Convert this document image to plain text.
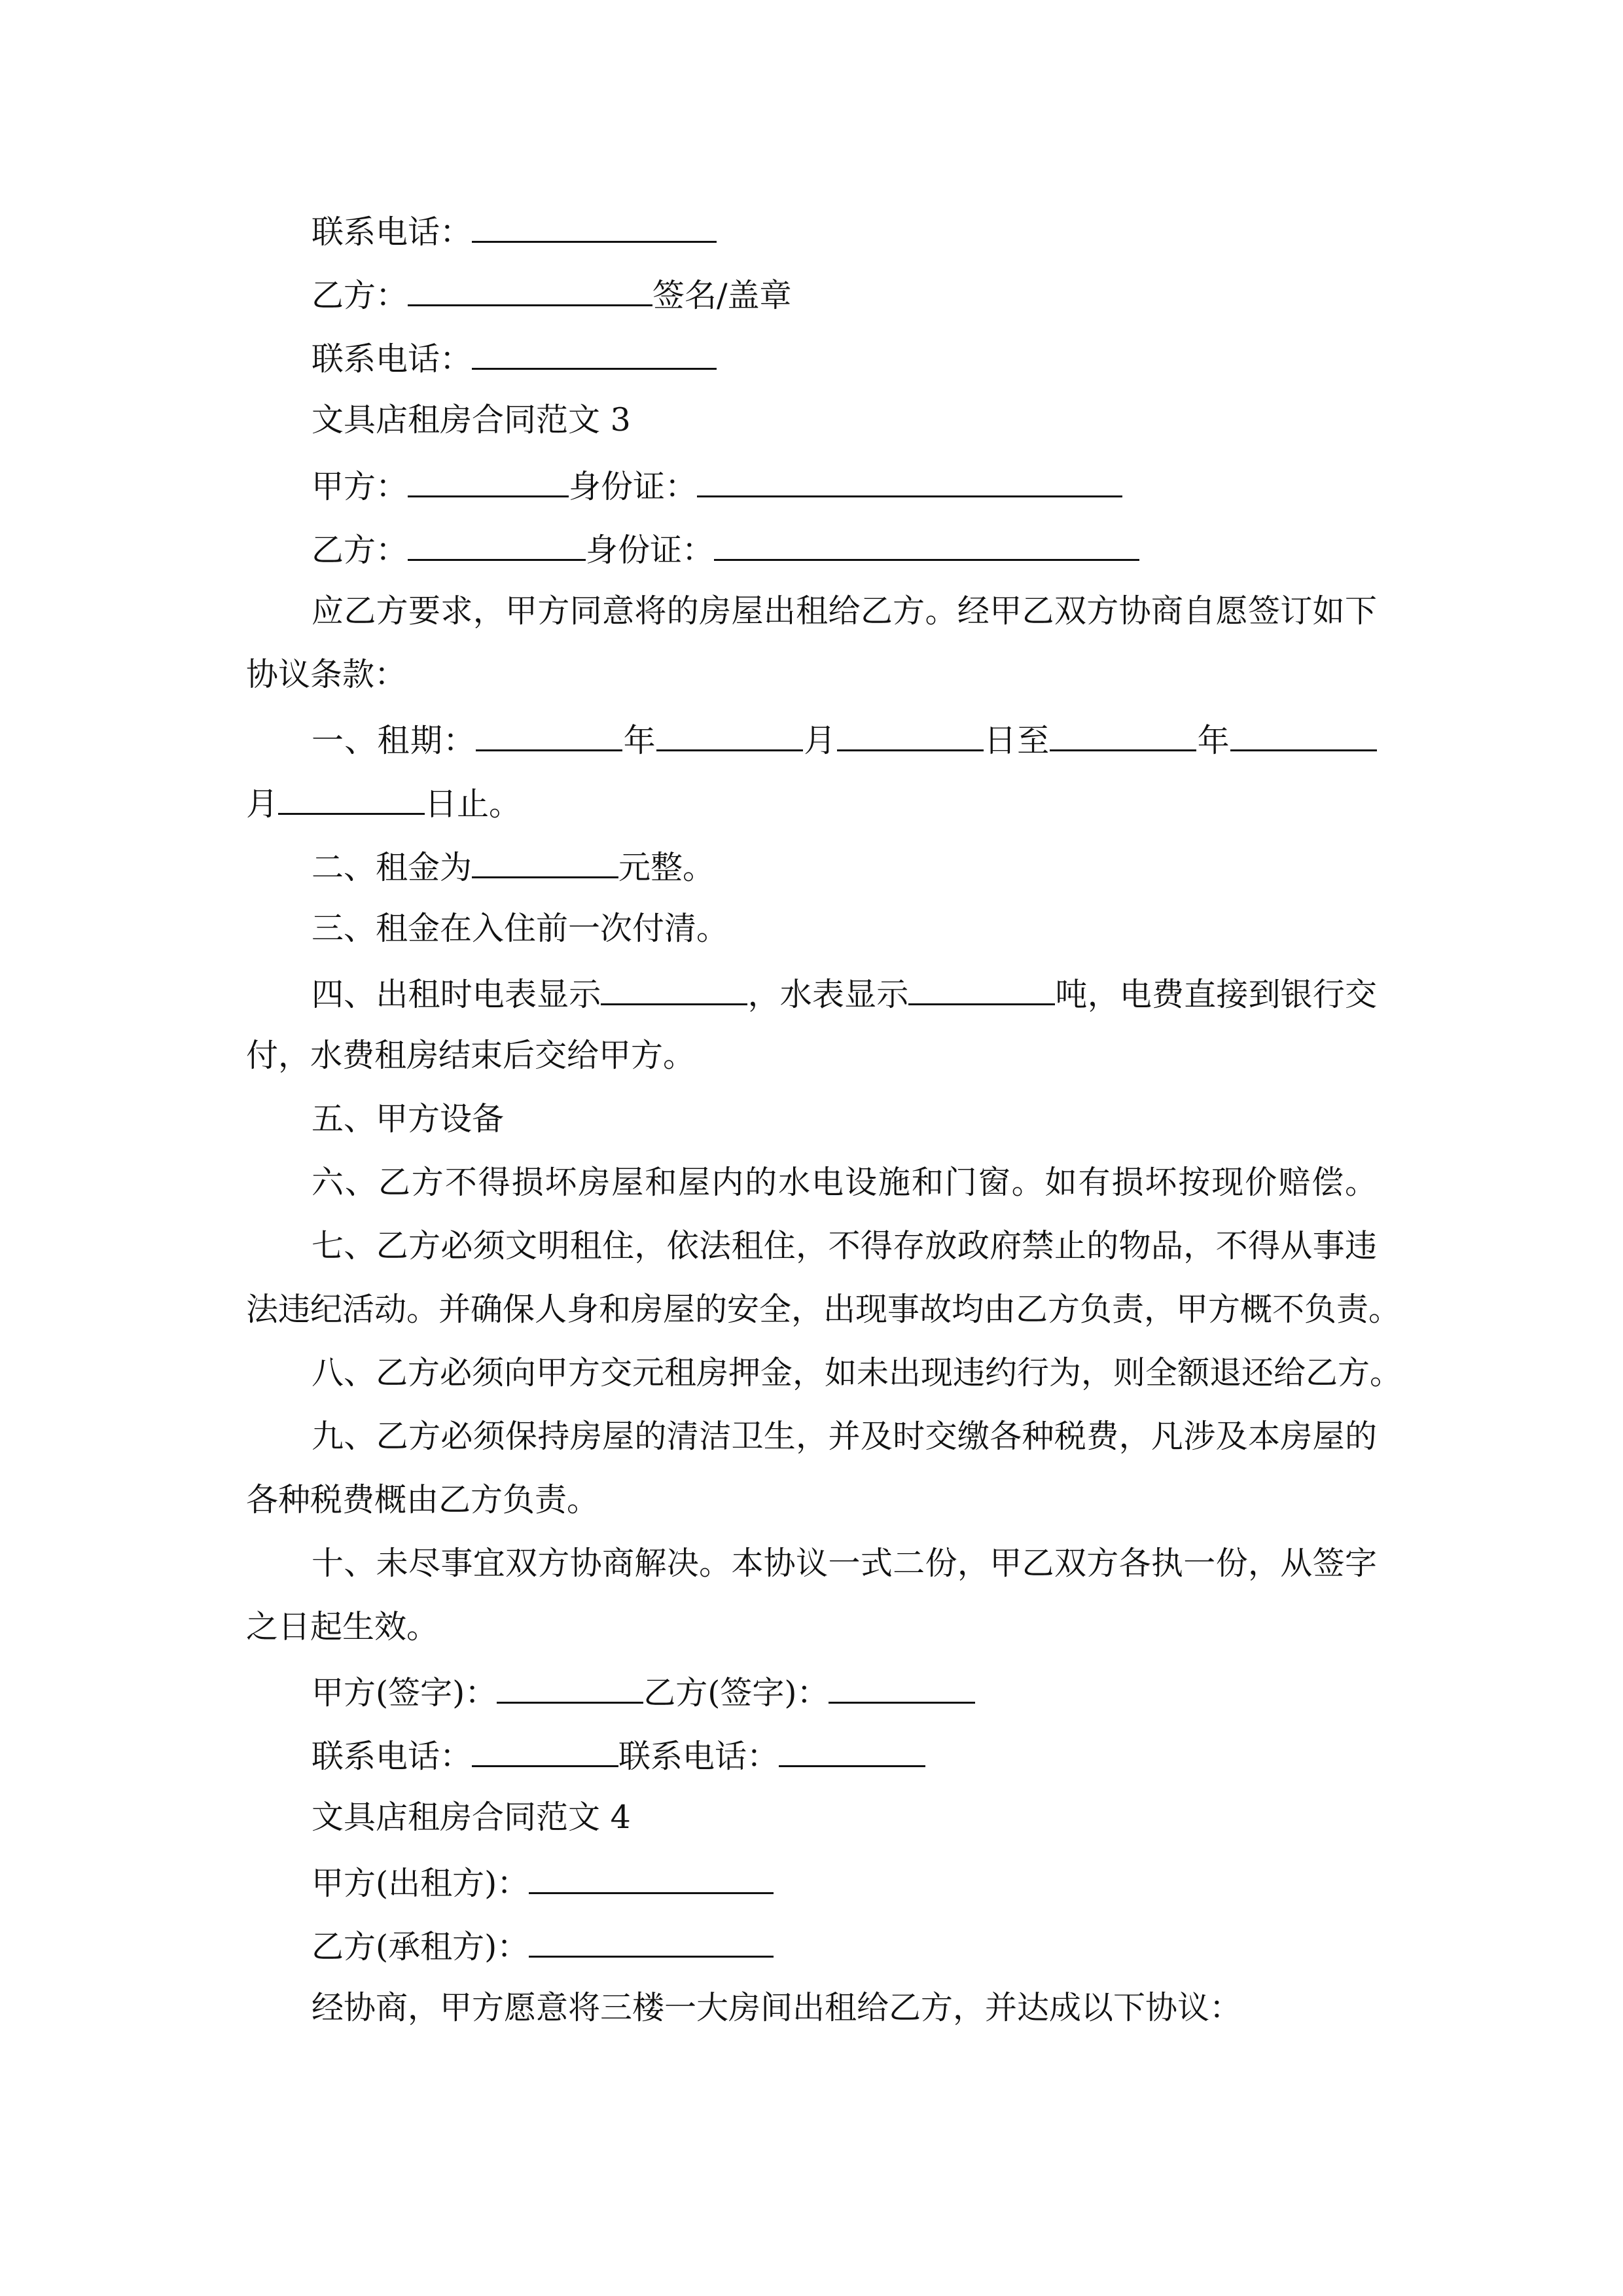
联系电话：
乙方：	签名/盖章
联系电话：
文具店租房合同范文 3
甲方：	身份证：
乙方：	身份证：
应乙方要求，甲方同意将的房屋出租给乙方。经甲乙双方协商自愿签订如下
协议条款：
一、租期：	年	月	日至	年
月	日止。
二、租金为	元整。
三、租金在入住前一次付清。
四、出租时电表显示	，水表显示	吨，电费直接到银行交
付，水费租房结束后交给甲方。
五、甲方设备
六、乙方不得损坏房屋和屋内的水电设施和门窗。如有损坏按现价赔偿。
七、乙方必须文明租住，依法租住，不得存放政府禁止的物品，不得从事违
法违纪活动。并确保人身和房屋的安全，出现事故均由乙方负责，甲方概不负责。
八、乙方必须向甲方交元租房押金，如未出现违约行为，则全额退还给乙方。
九、乙方必须保持房屋的清洁卫生，并及时交缴各种税费，凡涉及本房屋的
各种税费概由乙方负责。
十、未尽事宜双方协商解决。本协议一式二份，甲乙双方各执一份，从签字
之日起生效。
甲方(签字)：	乙方(签字)：
联系电话：	联系电话：
文具店租房合同范文 4
甲方(出租方)：
乙方(承租方)：
经协商，甲方愿意将三楼一大房间出租给乙方，并达成以下协议：
